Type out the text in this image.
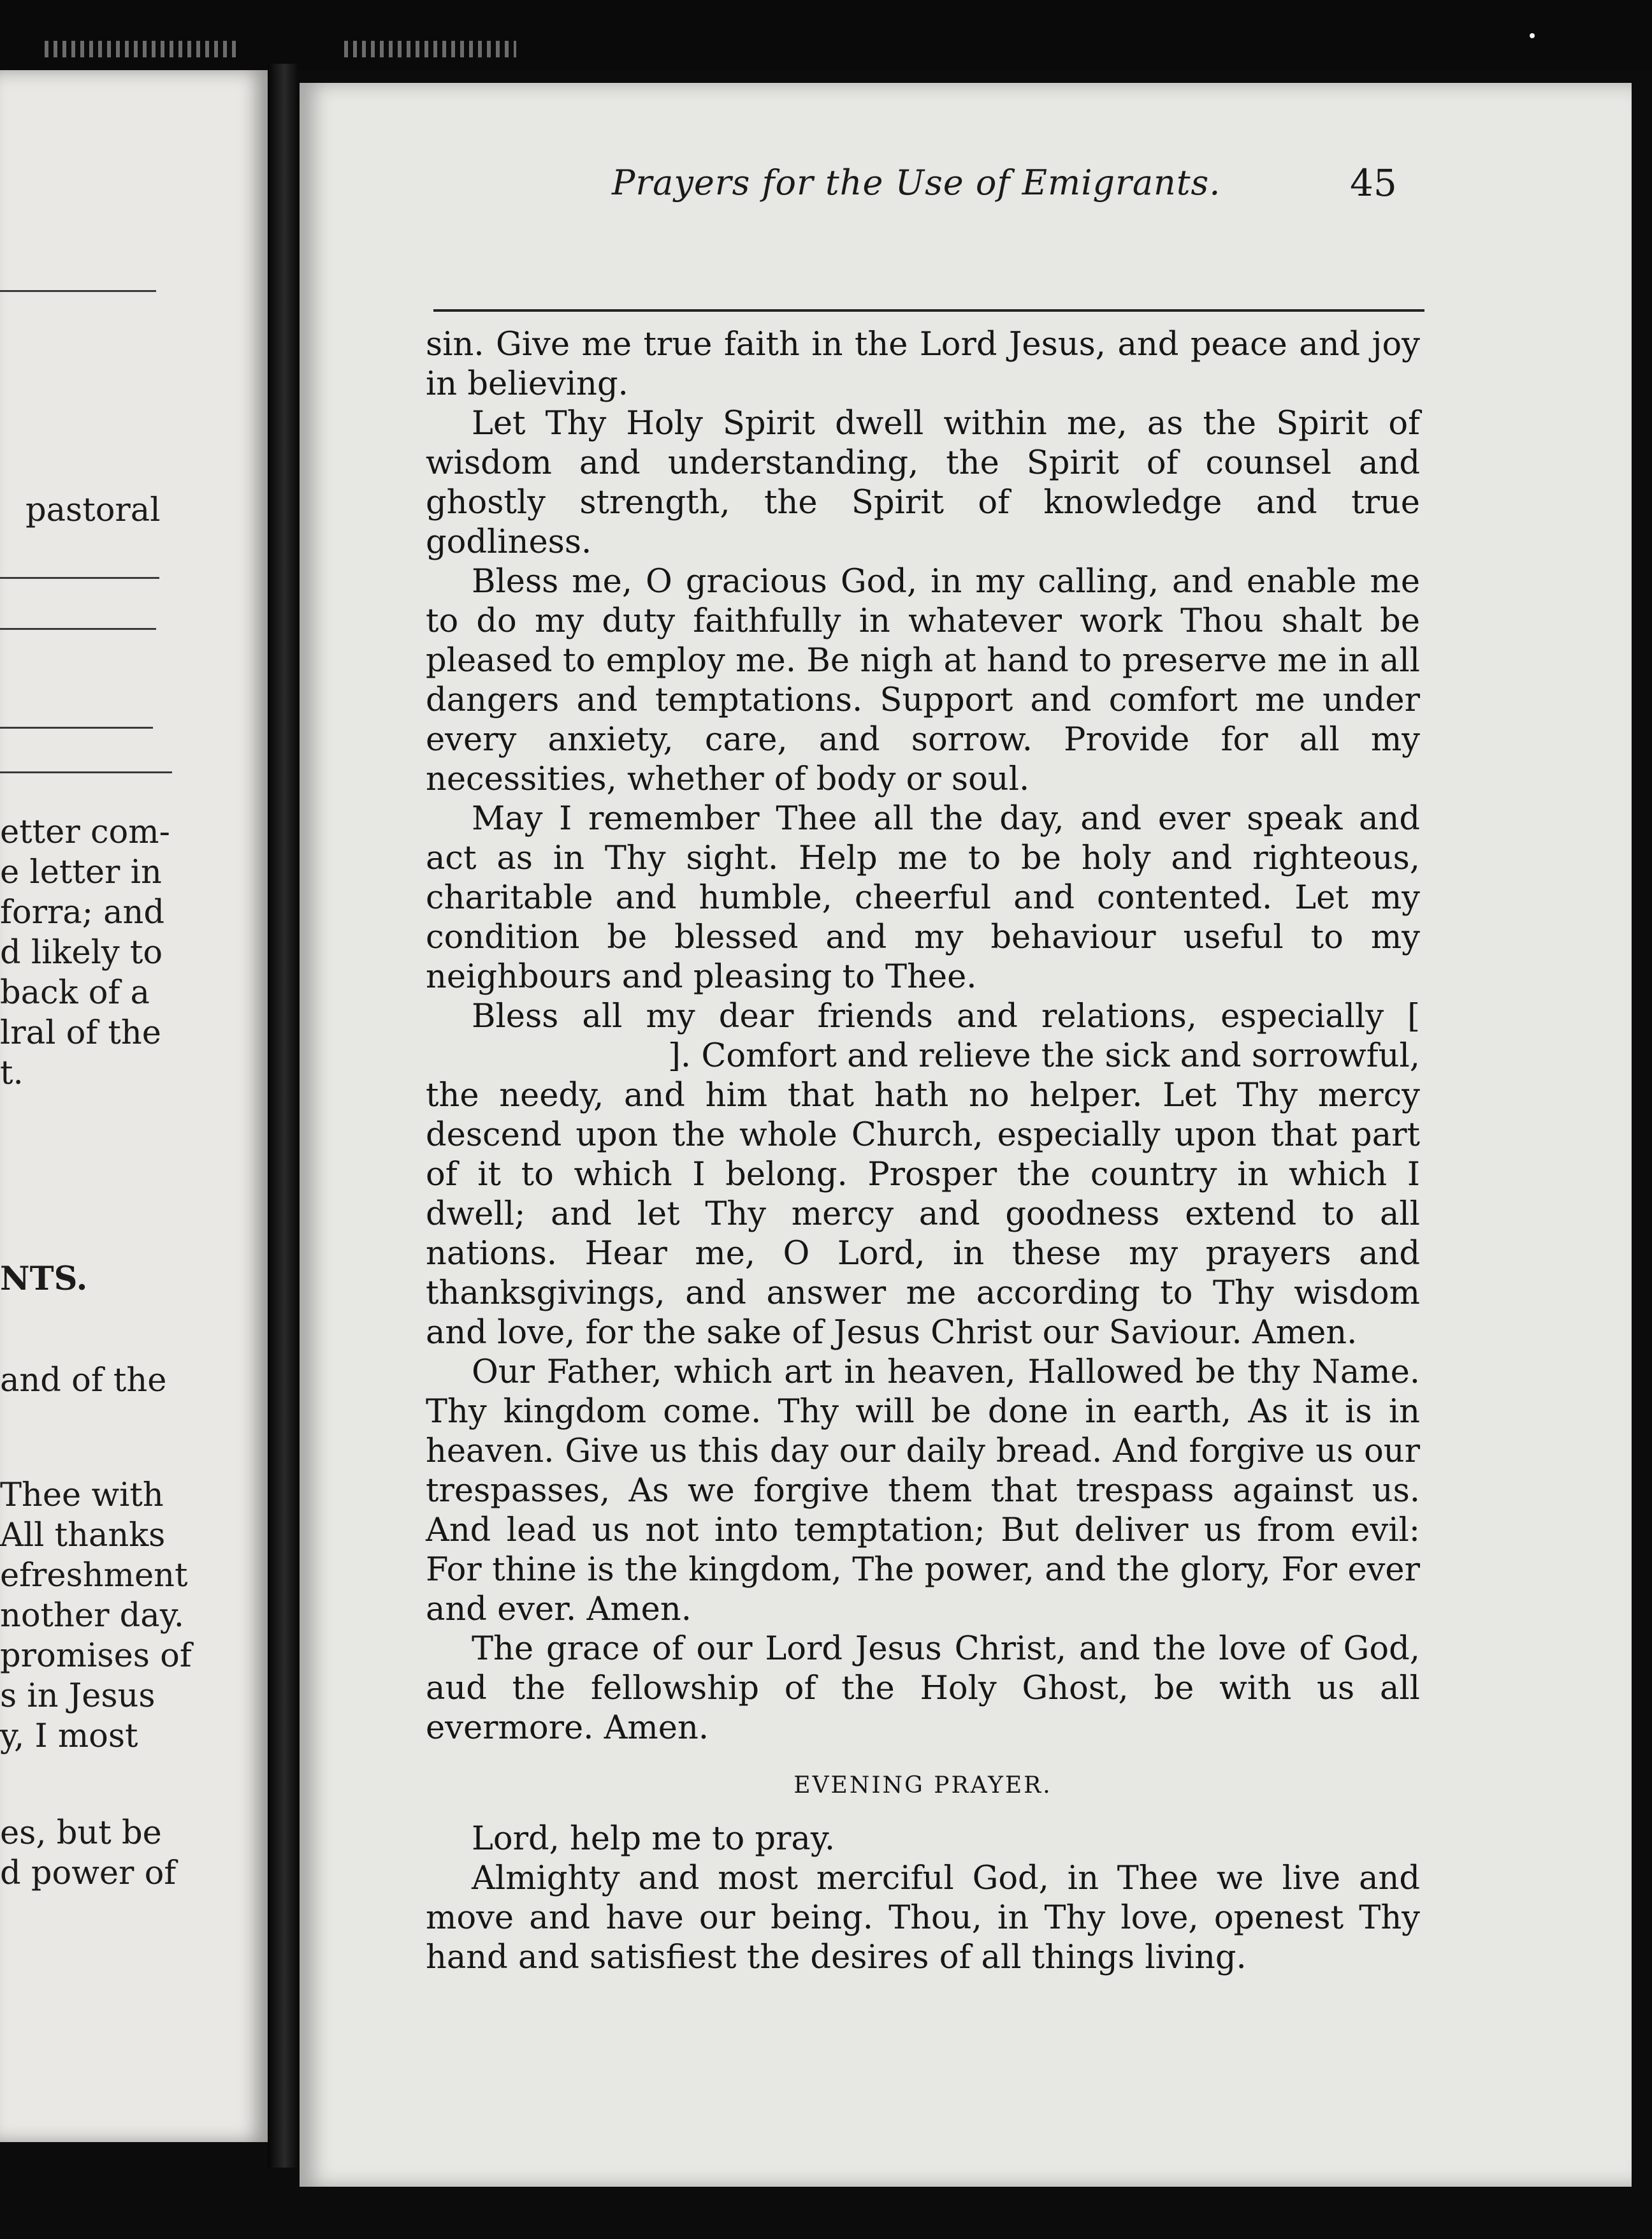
pastoral
etter com-
e letter in
forra; and
d likely to
back of a
lral of the
t.
NTS.
and of the
Thee with
All thanks
efreshment
nother day.
promises of
s in Jesus
y, I most
es, but be
d power of
Prayers for the Use of Emigrants.	45

sin. Give me true faith in the Lord Jesus, and peace and joy in believing.

Let Thy Holy Spirit dwell within me, as the Spirit of wisdom and understanding, the Spirit of counsel and ghostly strength, the Spirit of knowledge and true godliness.

Bless me, O gracious God, in my calling, and enable me to do my duty faithfully in whatever work Thou shalt be pleased to employ me. Be nigh at hand to preserve me in all dangers and temptations. Support and comfort me under every anxiety, care, and sorrow. Provide for all my necessities, whether of body or soul.

May I remember Thee all the day, and ever speak and act as in Thy sight. Help me to be holy and righteous, charitable and humble, cheerful and contented. Let my condition be blessed and my behaviour useful to my neighbours and pleasing to Thee.

Bless all my dear friends and relations, especially []. Comfort and relieve the sick and sorrowful, the needy, and him that hath no helper. Let Thy mercy descend upon the whole Church, especially upon that part of it to which I belong. Prosper the country in which I dwell; and let Thy mercy and goodness extend to all nations. Hear me, O Lord, in these my prayers and thanksgivings, and answer me according to Thy wisdom and love, for the sake of Jesus Christ our Saviour. Amen.

Our Father, which art in heaven, Hallowed be thy Name. Thy kingdom come. Thy will be done in earth, As it is in heaven. Give us this day our daily bread. And forgive us our trespasses, As we forgive them that trespass against us. And lead us not into temptation; But deliver us from evil: For thine is the kingdom, The power, and the glory, For ever and ever. Amen.

The grace of our Lord Jesus Christ, and the love of God, aud the fellowship of the Holy Ghost, be with us all evermore. Amen.

EVENING PRAYER.

Lord, help me to pray.

Almighty and most merciful God, in Thee we live and move and have our being. Thou, in Thy love, openest Thy hand and satisfiest the desires of all things living.
